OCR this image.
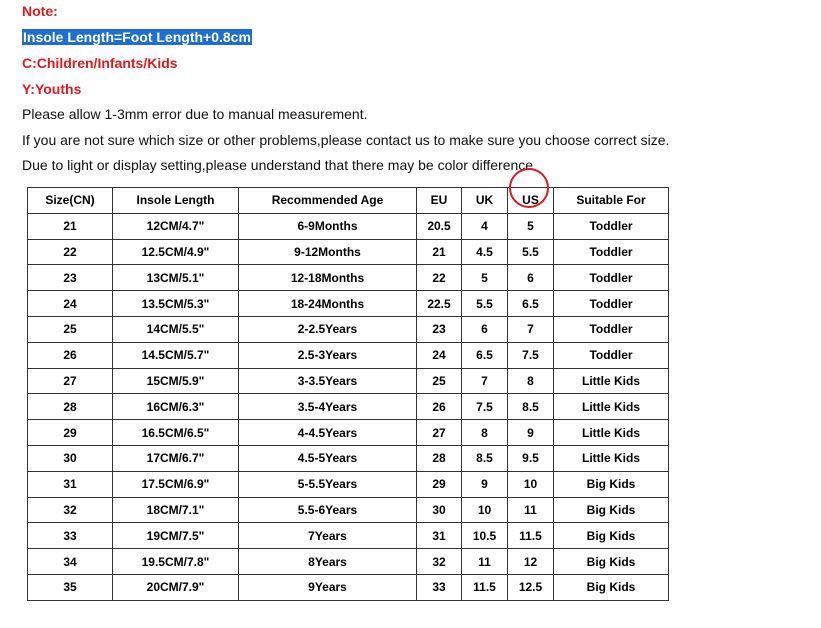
Note:
Insole Length=Foot Length+0.8cm
C:Children/Infants/Kids
Y:Youths
Please allow 1-3mm error due to manual measurement.
If you are not sure which size or other problems,please contact us to make sure you choose correct size.
Due to light or display setting,please understand that there may be color difference
Size(CN)	Insole Length	Recommended Age	EU	UK	US	Suitable For
21	12CM/4.7"	6-9Months	20.5	4	5	Toddler
22	12.5CM/4.9"	9-12Months	21	4.5	5.5	Toddler
23	13CM/5.1"	12-18Months	22	5	6	Toddler
24	13.5CM/5.3"	18-24Months	22.5	5.5	6.5	Toddler
25	14CM/5.5"	2-2.5Years	23	6	7	Toddler
26	14.5CM/5.7"	2.5-3Years	24	6.5	7.5	Toddler
27	15CM/5.9"	3-3.5Years	25	7	8	Little Kids
28	16CM/6.3"	3.5-4Years	26	7.5	8.5	Little Kids
29	16.5CM/6.5"	4-4.5Years	27	8	9	Little Kids
30	17CM/6.7"	4.5-5Years	28	8.5	9.5	Little Kids
31	17.5CM/6.9"	5-5.5Years	29	9	10	Big Kids
32	18CM/7.1"	5.5-6Years	30	10	11	Big Kids
33	19CM/7.5"	7Years	31	10.5	11.5	Big Kids
34	19.5CM/7.8"	8Years	32	11	12	Big Kids
35	20CM/7.9"	9Years	33	11.5	12.5	Big Kids
